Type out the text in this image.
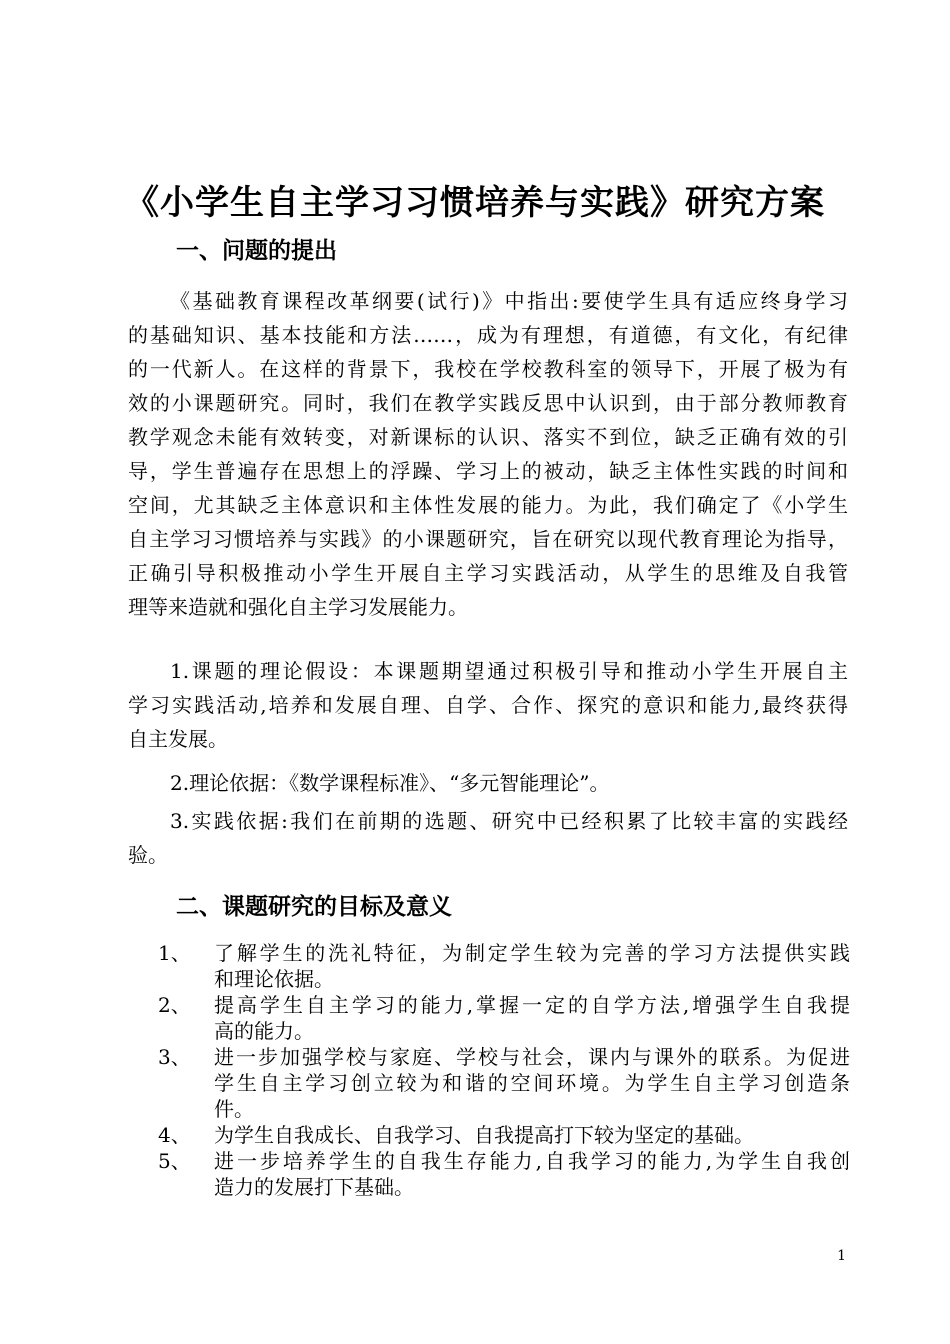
《小学生自主学习习惯培养与实践》研究方案
一、问题的提出
《基础教育课程改革纲要(试行)》中指出:要使学生具有适应终身学习
的基础知识、基本技能和方法……，成为有理想，有道德，有文化，有纪律
的一代新人。在这样的背景下，我校在学校教科室的领导下，开展了极为有
效的小课题研究。同时，我们在教学实践反思中认识到，由于部分教师教育
教学观念未能有效转变，对新课标的认识、落实不到位，缺乏正确有效的引
导，学生普遍存在思想上的浮躁、学习上的被动，缺乏主体性实践的时间和
空间，尤其缺乏主体意识和主体性发展的能力。为此，我们确定了《小学生
自主学习习惯培养与实践》的小课题研究，旨在研究以现代教育理论为指导，
正确引导积极推动小学生开展自主学习实践活动，从学生的思维及自我管
理等来造就和强化自主学习发展能力。
1.课题的理论假设：本课题期望通过积极引导和推动小学生开展自主
学习实践活动,培养和发展自理、自学、合作、探究的意识和能力,最终获得
自主发展。
2.理论依据：《数学课程标准》、“多元智能理论”。
3.实践依据:我们在前期的选题、研究中已经积累了比较丰富的实践经
验。
二、课题研究的目标及意义
1、 了解学生的洗礼特征，为制定学生较为完善的学习方法提供实践
和理论依据。
2、 提高学生自主学习的能力,掌握一定的自学方法,增强学生自我提
高的能力。
3、 进一步加强学校与家庭、学校与社会，课内与课外的联系。为促进
学生自主学习创立较为和谐的空间环境。为学生自主学习创造条
件。
4、 为学生自我成长、自我学习、自我提高打下较为坚定的基础。
5、 进一步培养学生的自我生存能力,自我学习的能力,为学生自我创
造力的发展打下基础。
1
